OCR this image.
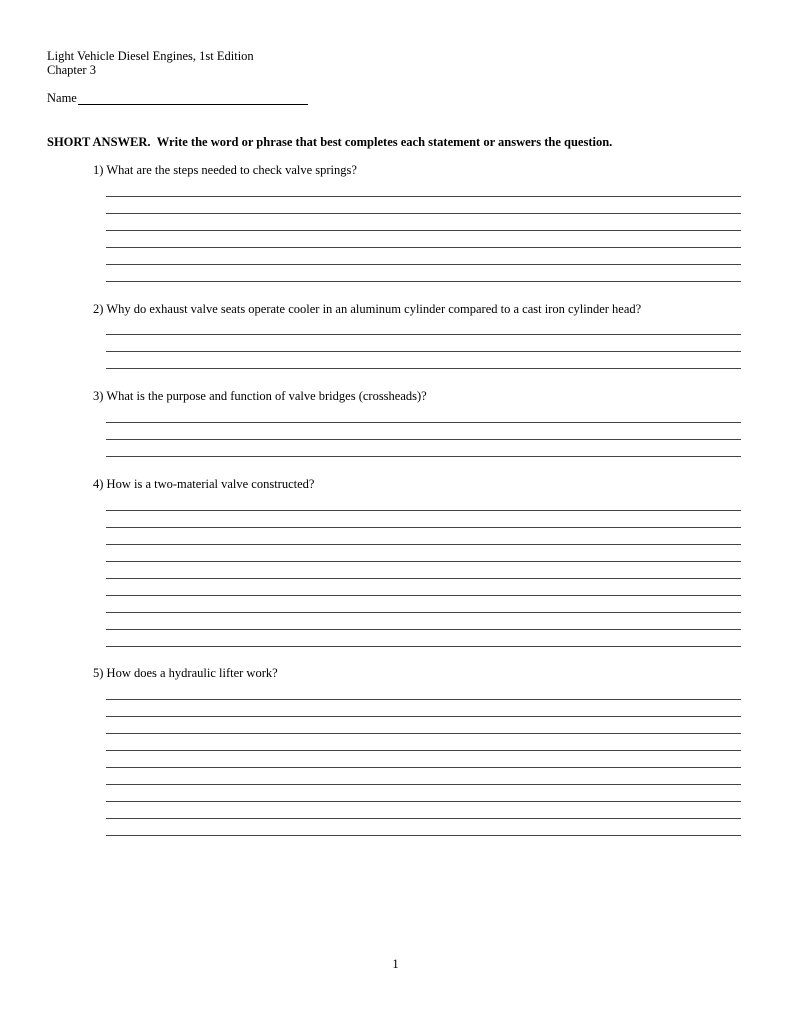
Light Vehicle Diesel Engines, 1st Edition
Chapter 3
Name
SHORT ANSWER. Write the word or phrase that best completes each statement or answers the question.
1) What are the steps needed to check valve springs?
2) Why do exhaust valve seats operate cooler in an aluminum cylinder compared to a cast iron cylinder head?
3) What is the purpose and function of valve bridges (crossheads)?
4) How is a two-material valve constructed?
5) How does a hydraulic lifter work?
1
